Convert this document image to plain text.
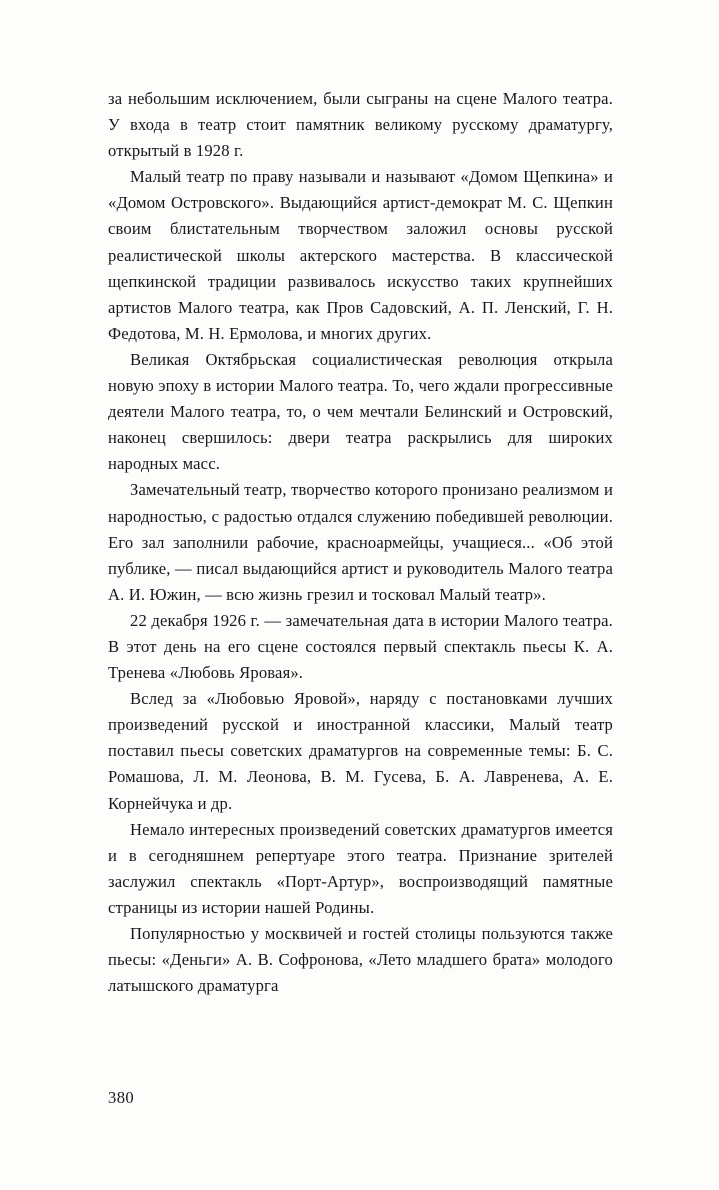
за небольшим исключением, были сыграны на сцене Малого театра. У входа в театр стоит памятник великому русскому драматургу, открытый в 1928 г.

Малый театр по праву называли и называют «Домом Щепкина» и «Домом Островского». Выдающийся артист-демократ М. С. Щепкин своим блистательным творчеством заложил основы русской реалистической школы актерского мастерства. В классической щепкинской традиции развивалось искусство таких крупнейших артистов Малого театра, как Пров Садовский, А. П. Ленский, Г. Н. Федотова, М. Н. Ермолова, и многих других.

Великая Октябрьская социалистическая революция открыла новую эпоху в истории Малого театра. То, чего ждали прогрессивные деятели Малого театра, то, о чем мечтали Белинский и Островский, наконец свершилось: двери театра раскрылись для широких народных масс.

Замечательный театр, творчество которого пронизано реализмом и народностью, с радостью отдался служению победившей революции. Его зал заполнили рабочие, красноармейцы, учащиеся... «Об этой публике, — писал выдающийся артист и руководитель Малого театра А. И. Южин, — всю жизнь грезил и тосковал Малый театр».

22 декабря 1926 г. — замечательная дата в истории Малого театра. В этот день на его сцене состоялся первый спектакль пьесы К. А. Тренева «Любовь Яровая».

Вслед за «Любовью Яровой», наряду с постановками лучших произведений русской и иностранной классики, Малый театр поставил пьесы советских драматургов на современные темы: Б. С. Ромашова, Л. М. Леонова, В. М. Гусева, Б. А. Лавренева, А. Е. Корнейчука и др.

Немало интересных произведений советских драматургов имеется и в сегодняшнем репертуаре этого театра. Признание зрителей заслужил спектакль «Порт-Артур», воспроизводящий памятные страницы из истории нашей Родины.

Популярностью у москвичей и гостей столицы пользуются также пьесы: «Деньги» А. В. Софронова, «Лето младшего брата» молодого латышского драматурга

380
